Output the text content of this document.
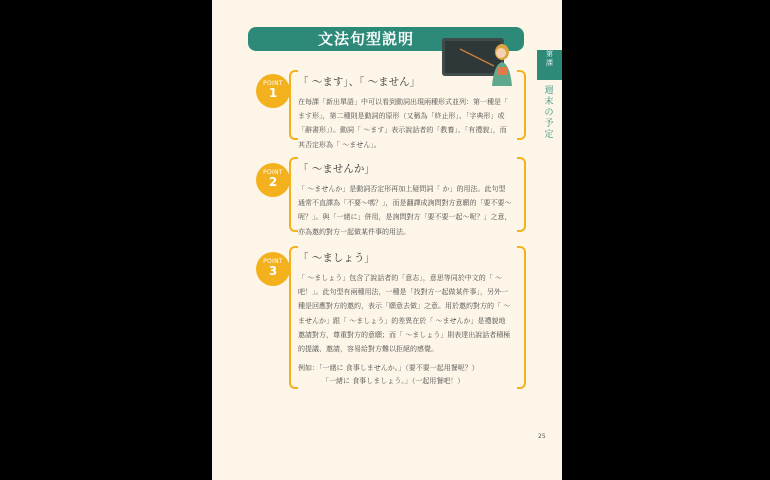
文法句型説明
POINT
1
「 ～ます」、「 ～ません」
在每課「新出單語」中可以看到動詞出現兩種形式並列：第一種是「 ます形」，第二種則是動詞的原形（又稱為「終止形」、「字典形」或「辭書形」）。動詞「 ～ます」表示說話者的「教養」、「有禮貌」，而其否定形為「 ～ません」。
POINT
2
「 ～ませんか」
「 ～ませんか」是動詞否定形再加上疑問詞「 か」的用法。此句型通常不直譯為「不要～嗎？」，而是翻譯成詢問對方意願的「要不要～呢？」。與「一緒に」併用，是詢問對方「要不要一起～呢？」之意，亦為邀約對方一起做某件事的用法。
POINT
3
「 ～ましょう」
「 ～ましょう」包含了說話者的「意志」，意思等同於中文的「 ～吧！」。此句型有兩種用法，一種是「找對方一起做某件事」，另外一種是回應對方的邀約，表示「願意去做」之意。用於邀約對方的「 ～ませんか」跟「 ～ましょう」的差異在於「 ～ませんか」是禮貌地邀請對方，尊重對方的意願；而「 ～ましょう」則表達出說話者積極的提議、邀請，容易給對方難以拒絕的感覺。
例如：「一緒に 食事しませんか。」（要不要一起用餐呢？）
「一緒に 食事しましょう。」（一起用餐吧！）
第
課
週末の予定
25
